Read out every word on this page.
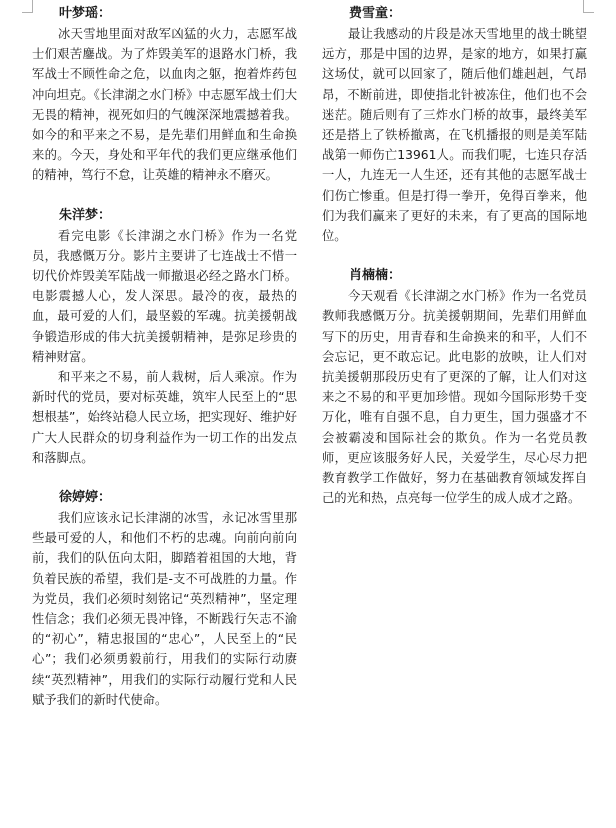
叶梦瑶：

冰天雪地里面对敌军凶猛的火力，志愿军战士们艰苦鏖战。为了炸毁美军的退路水门桥，我军战士不顾性命之危，以血肉之躯，抱着炸药包冲向坦克。《长津湖之水门桥》中志愿军战士们大无畏的精神，视死如归的气魄深深地震撼着我。如今的和平来之不易，是先辈们用鲜血和生命换来的。今天，身处和平年代的我们更应继承他们的精神，笃行不怠，让英雄的精神永不磨灭。

朱洋梦：

看完电影《长津湖之水门桥》作为一名党员，我感慨万分。影片主要讲了七连战士不惜一切代价炸毁美军陆战一师撤退必经之路水门桥。电影震撼人心，发人深思。最冷的夜，最热的血，最可爱的人们，最坚毅的军魂。抗美援朝战争锻造形成的伟大抗美援朝精神，是弥足珍贵的精神财富。

和平来之不易，前人栽树，后人乘凉。作为新时代的党员，要对标英雄，筑牢人民至上的“思想根基”，始终站稳人民立场，把实现好、维护好广大人民群众的切身利益作为一切工作的出发点和落脚点。

徐婷婷：

我们应该永记长津湖的冰雪，永记冰雪里那些最可爱的人，和他们不朽的忠魂。向前向前向前，我们的队伍向太阳，脚踏着祖国的大地，背负着民族的希望，我们是-支不可战胜的力量。作为党员，我们必须时刻铭记“英烈精神”，坚定理性信念；我们必须无畏冲锋，不断践行矢志不渝的“初心”，精忠报国的“忠心”，人民至上的“民心”；我们必须勇毅前行，用我们的实际行动赓续“英烈精神”，用我们的实际行动履行党和人民赋予我们的新时代使命。

费雪童：

最让我感动的片段是冰天雪地里的战士眺望远方，那是中国的边界，是家的地方，如果打赢这场仗，就可以回家了，随后他们雄赳赳，气昂昂，不断前进，即使指北针被冻住，他们也不会迷茫。随后则有了三炸水门桥的故事，最终美军还是搭上了铁桥撤离，在飞机播报的则是美军陆战第一师伤亡13961人。而我们呢，七连只存活一人，九连无一人生还，还有其他的志愿军战士们伤亡惨重。但是打得一拳开，免得百拳来，他们为我们赢来了更好的未来，有了更高的国际地位。

肖楠楠：

今天观看《长津湖之水门桥》作为一名党员教师我感慨万分。抗美援朝期间，先辈们用鲜血写下的历史，用青春和生命换来的和平，人们不会忘记，更不敢忘记。此电影的放映，让人们对抗美援朝那段历史有了更深的了解，让人们对这来之不易的和平更加珍惜。现如今国际形势千变万化，唯有自强不息，自力更生，国力强盛才不会被霸凌和国际社会的欺负。作为一名党员教师，更应该服务好人民，关爱学生，尽心尽力把教育教学工作做好，努力在基础教育领域发挥自己的光和热，点亮每一位学生的成人成才之路。
